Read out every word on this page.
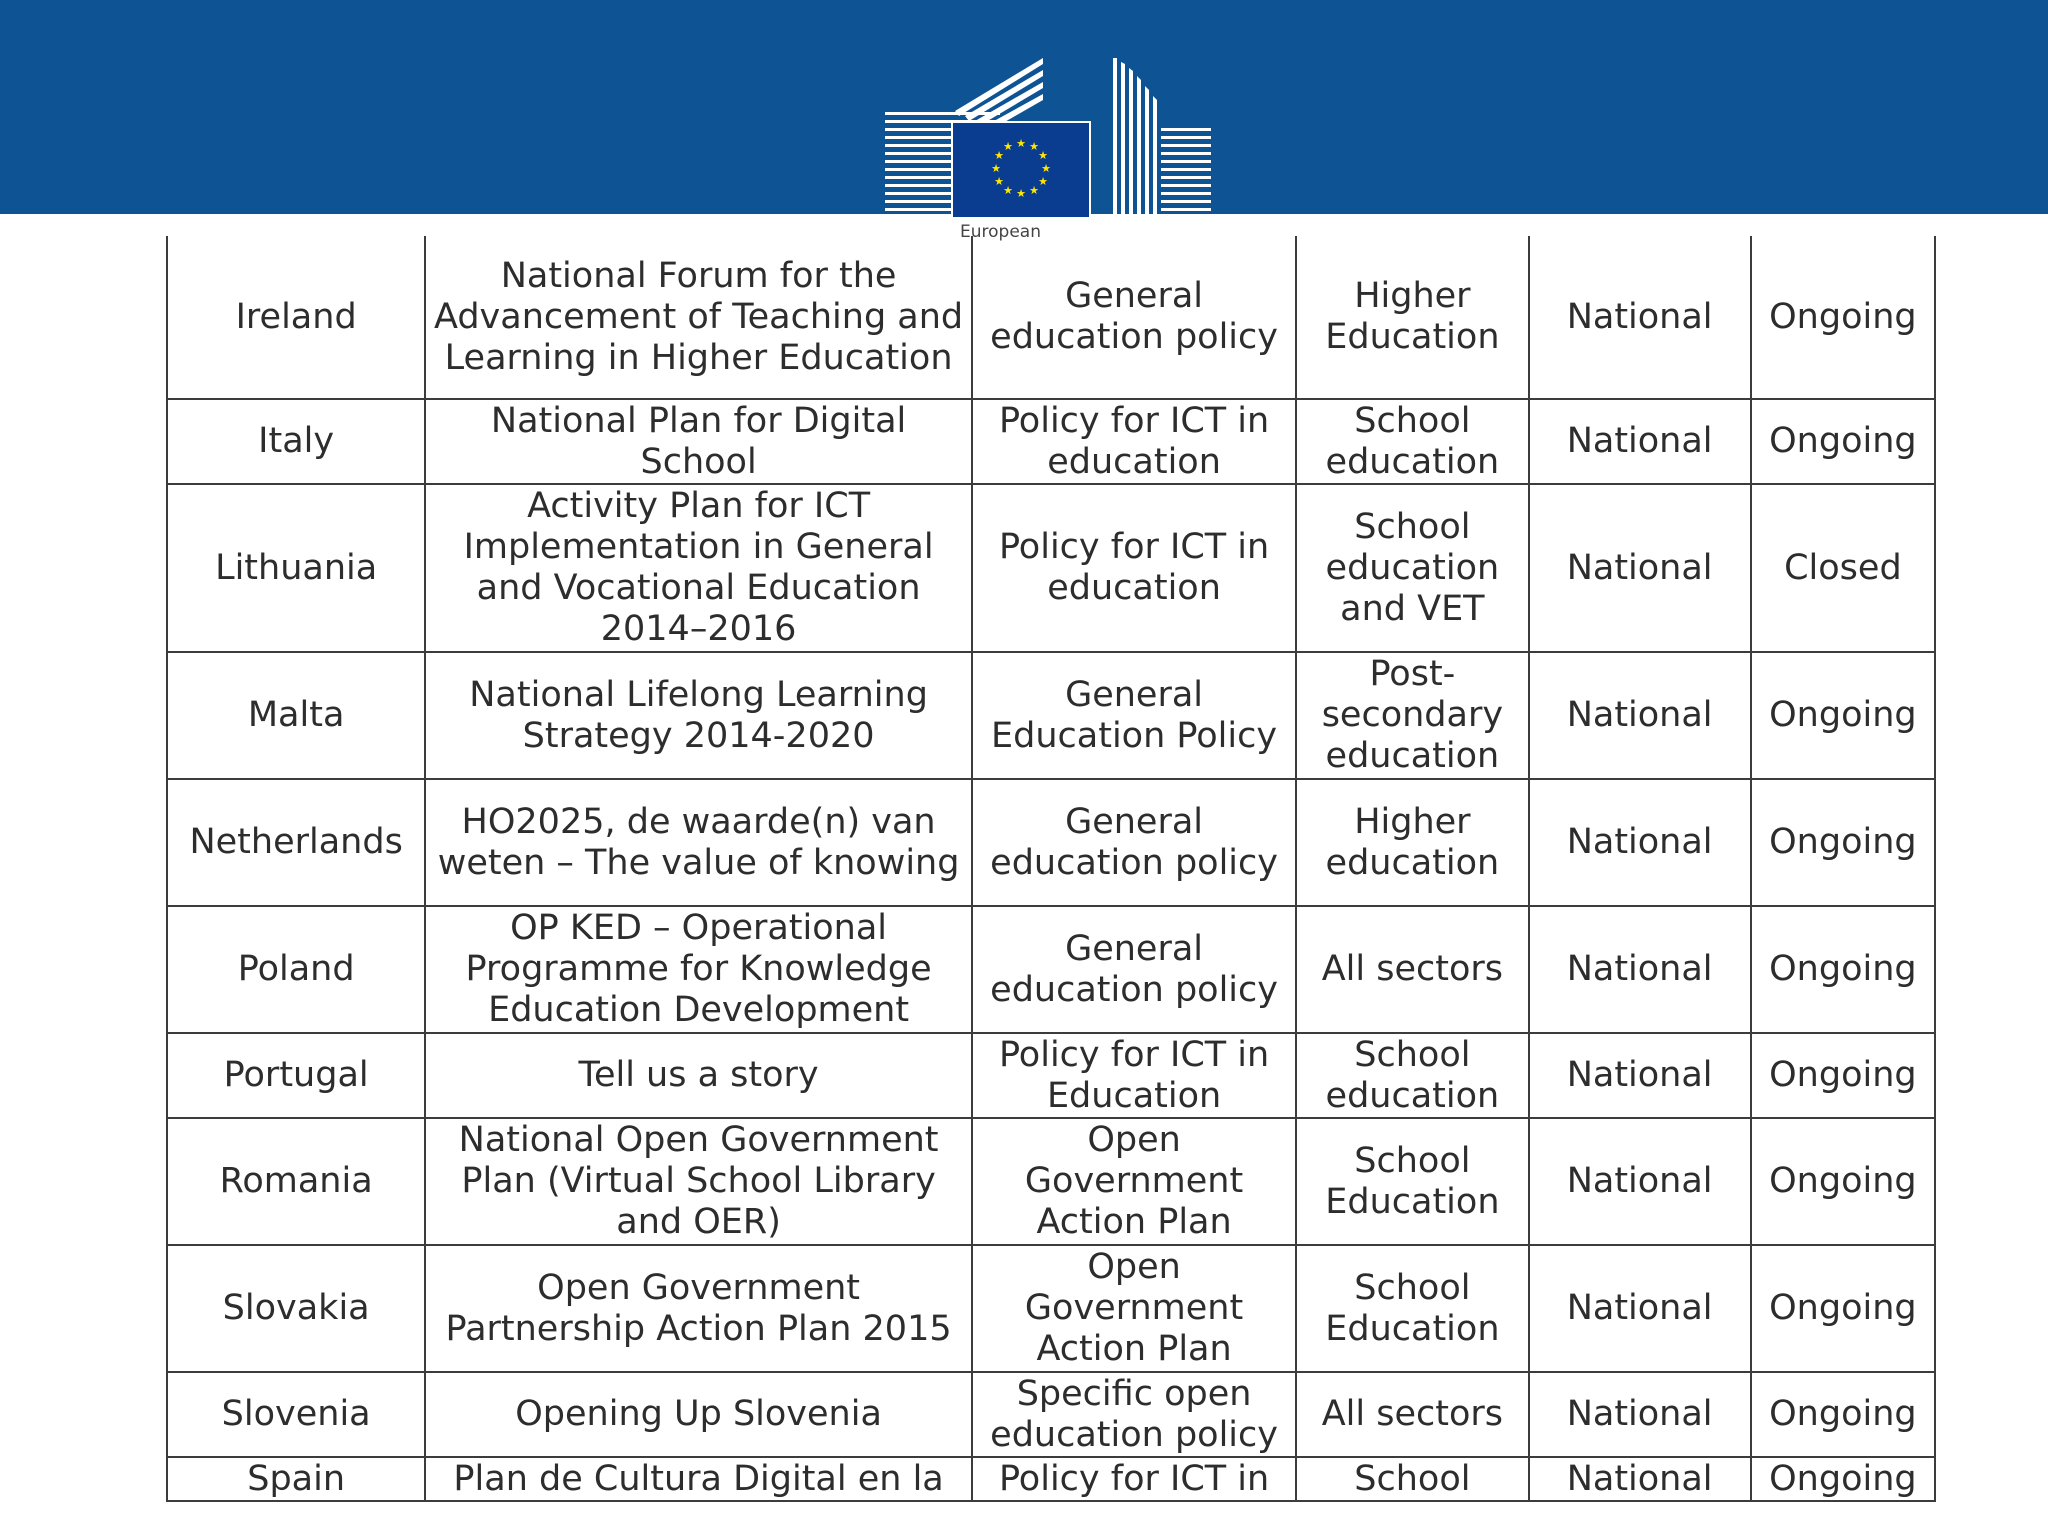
★ ★
★
★
★
★
★
★
★
★
★
★
European
Ireland	National Forum for the Advancement of Teaching and Learning in Higher Education	General education policy	Higher Education	National	Ongoing
Italy	National Plan for Digital School	Policy for ICT in education	School education	National	Ongoing
Lithuania	Activity Plan for ICT Implementation in General and Vocational Education 2014–2016	Policy for ICT in education	School education and VET	National	Closed
Malta	National Lifelong Learning Strategy 2014-2020	General Education Policy	Post-secondary education	National	Ongoing
Netherlands	HO2025, de waarde(n) van weten – The value of knowing	General education policy	Higher education	National	Ongoing
Poland	OP KED – Operational Programme for Knowledge Education Development	General education policy	All sectors	National	Ongoing
Portugal	Tell us a story	Policy for ICT in Education	School education	National	Ongoing
Romania	National Open Government Plan (Virtual School Library and OER)	Open Government Action Plan	School Education	National	Ongoing
Slovakia	Open Government Partnership Action Plan 2015	Open Government Action Plan	School Education	National	Ongoing
Slovenia	Opening Up Slovenia	Specific open education policy	All sectors	National	Ongoing
Spain	Plan de Cultura Digital en la	Policy for ICT in	School	National	Ongoing
